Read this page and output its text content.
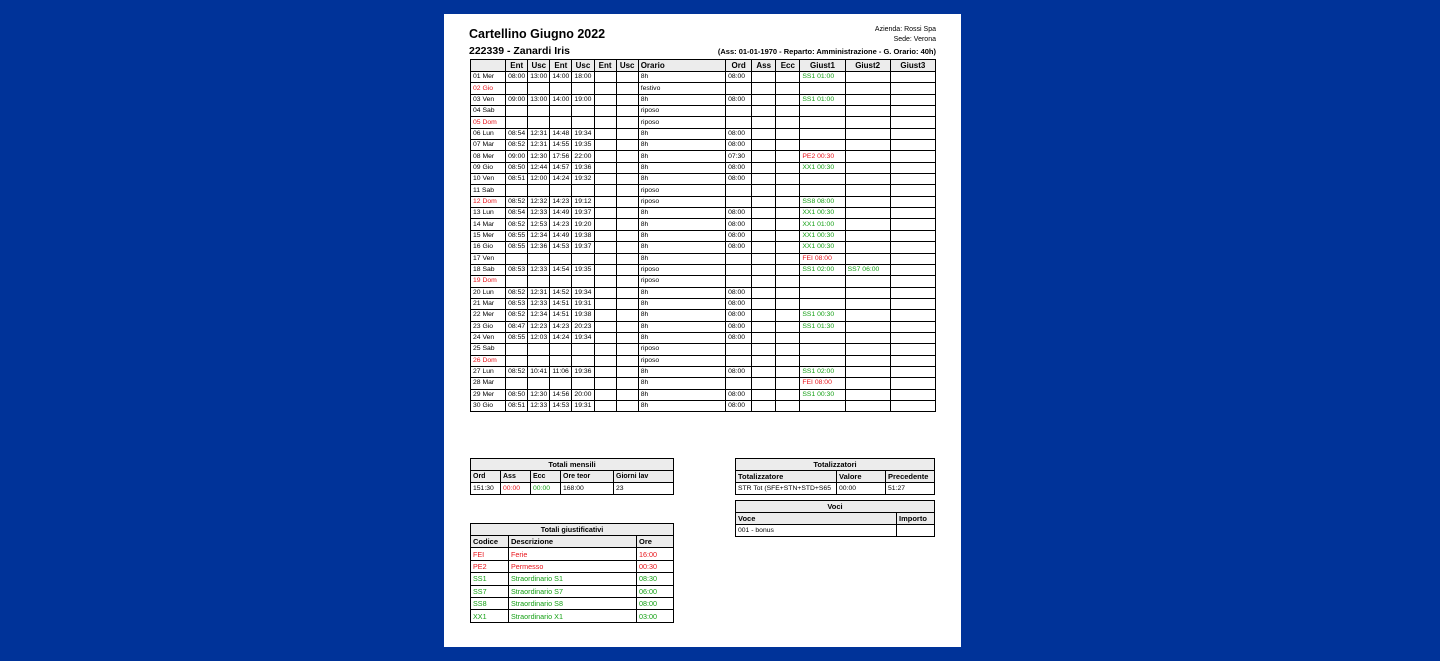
Cartellino Giugno 2022
222339 - Zanardi Iris
Azienda: Rossi Spa
Sede: Verona
(Ass: 01-01-1970 - Reparto: Amministrazione - G. Orario: 40h)
	Ent	Usc	Ent	Usc	Ent	Usc	Orario	Ord	Ass	Ecc	Giust1	Giust2	Giust3
01 Mer	08:00	13:00	14:00	18:00			8h	08:00			SS1 01:00		
02 Gio							festivo						
03 Ven	09:00	13:00	14:00	19:00			8h	08:00			SS1 01:00		
04 Sab							riposo						
05 Dom							riposo						
06 Lun	08:54	12:31	14:48	19:34			8h	08:00					
07 Mar	08:52	12:31	14:55	19:35			8h	08:00					
08 Mer	09:00	12:30	17:56	22:00			8h	07:30			PE2 00:30		
09 Gio	08:50	12:44	14:57	19:36			8h	08:00			XX1 00:30		
10 Ven	08:51	12:00	14:24	19:32			8h	08:00					
11 Sab							riposo						
12 Dom	08:52	12:32	14:23	19:12			riposo				SS8 08:00		
13 Lun	08:54	12:33	14:49	19:37			8h	08:00			XX1 00:30		
14 Mar	08:52	12:53	14:23	19:20			8h	08:00			XX1 01:00		
15 Mer	08:55	12:34	14:49	19:38			8h	08:00			XX1 00:30		
16 Gio	08:55	12:36	14:53	19:37			8h	08:00			XX1 00:30		
17 Ven							8h				FEI 08:00		
18 Sab	08:53	12:33	14:54	19:35			riposo				SS1 02:00	SS7 06:00	
19 Dom							riposo						
20 Lun	08:52	12:31	14:52	19:34			8h	08:00					
21 Mar	08:53	12:33	14:51	19:31			8h	08:00					
22 Mer	08:52	12:34	14:51	19:38			8h	08:00			SS1 00:30		
23 Gio	08:47	12:23	14:23	20:23			8h	08:00			SS1 01:30		
24 Ven	08:55	12:03	14:24	19:34			8h	08:00					
25 Sab							riposo						
26 Dom							riposo						
27 Lun	08:52	10:41	11:06	19:36			8h	08:00			SS1 02:00		
28 Mar							8h				FEI 08:00		
29 Mer	08:50	12:30	14:56	20:00			8h	08:00			SS1 00:30		
30 Gio	08:51	12:33	14:53	19:31			8h	08:00					
Totali mensili				
Ord	Ass	Ecc	Ore teor	Giorni lav
151:30	00:00	00:00	168:00	23
Totali giustificativi		
Codice	Descrizione	Ore
FEI	Ferie	16:00
PE2	Permesso	00:30
SS1	Straordinario S1	08:30
SS7	Straordinario S7	06:00
SS8	Straordinario S8	08:00
XX1	Straordinario X1	03:00
Totalizzatori		
Totalizzatore	Valore	Precedente
STR Tot (SFE+STN+STD+S65	00:00	51:27
Voci	
Voce	Importo
001 - bonus	
